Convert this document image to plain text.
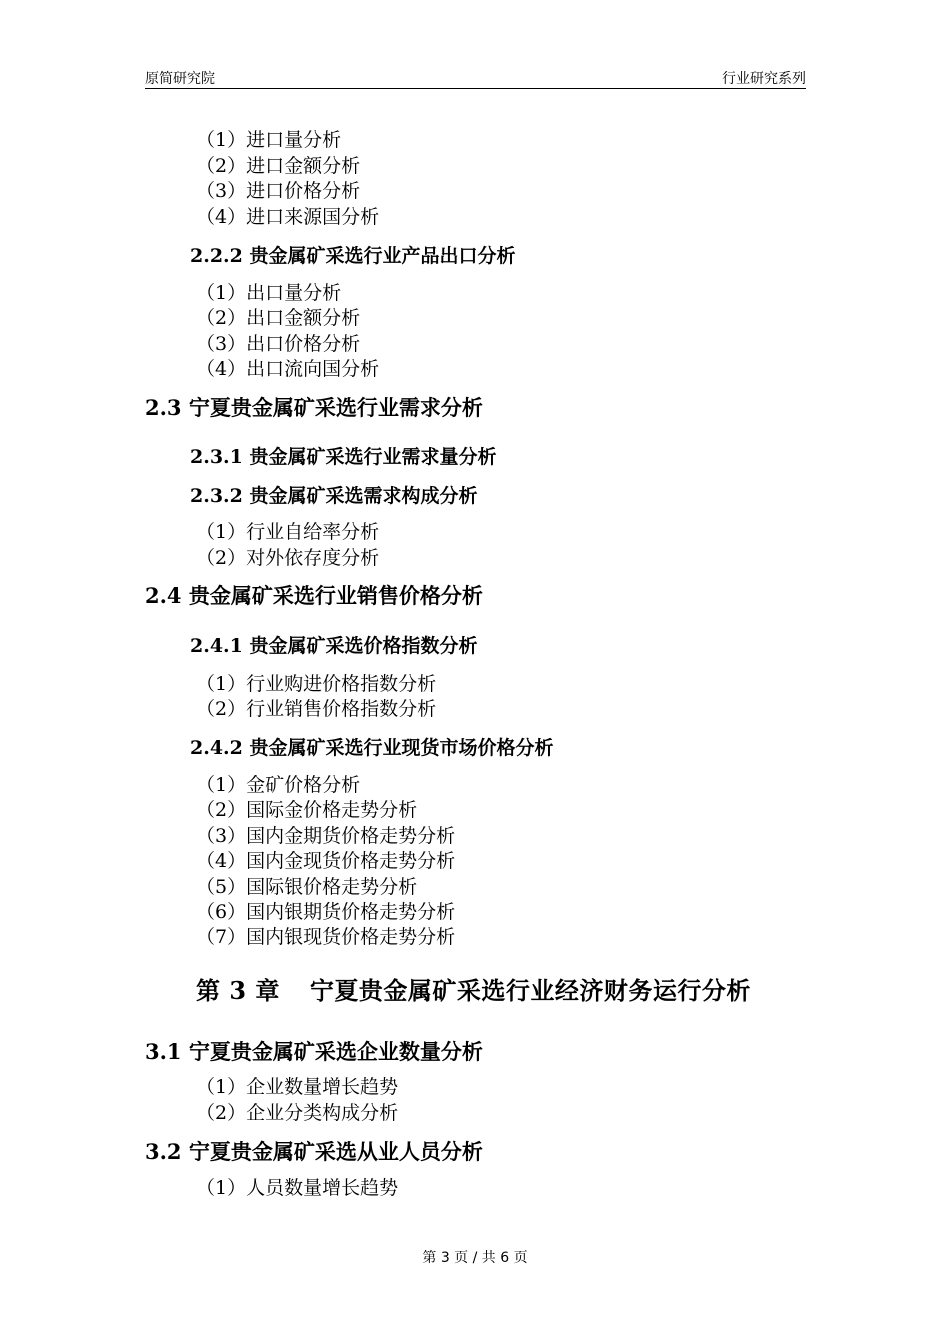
原简研究院	行业研究系列
（1）进口量分析
（2）进口金额分析
（3）进口价格分析
（4）进口来源国分析
2.2.2 贵金属矿采选行业产品出口分析
（1）出口量分析
（2）出口金额分析
（3）出口价格分析
（4）出口流向国分析
2.3 宁夏贵金属矿采选行业需求分析
2.3.1 贵金属矿采选行业需求量分析
2.3.2 贵金属矿采选需求构成分析
（1）行业自给率分析
（2）对外依存度分析
2.4 贵金属矿采选行业销售价格分析
2.4.1 贵金属矿采选价格指数分析
（1）行业购进价格指数分析
（2）行业销售价格指数分析
2.4.2 贵金属矿采选行业现货市场价格分析
（1）金矿价格分析
（2）国际金价格走势分析
（3）国内金期货价格走势分析
（4）国内金现货价格走势分析
（5）国际银价格走势分析
（6）国内银期货价格走势分析
（7）国内银现货价格走势分析
第 3 章 宁夏贵金属矿采选行业经济财务运行分析
3.1 宁夏贵金属矿采选企业数量分析
（1）企业数量增长趋势
（2）企业分类构成分析
3.2 宁夏贵金属矿采选从业人员分析
（1）人员数量增长趋势
第 3 页 / 共 6 页
